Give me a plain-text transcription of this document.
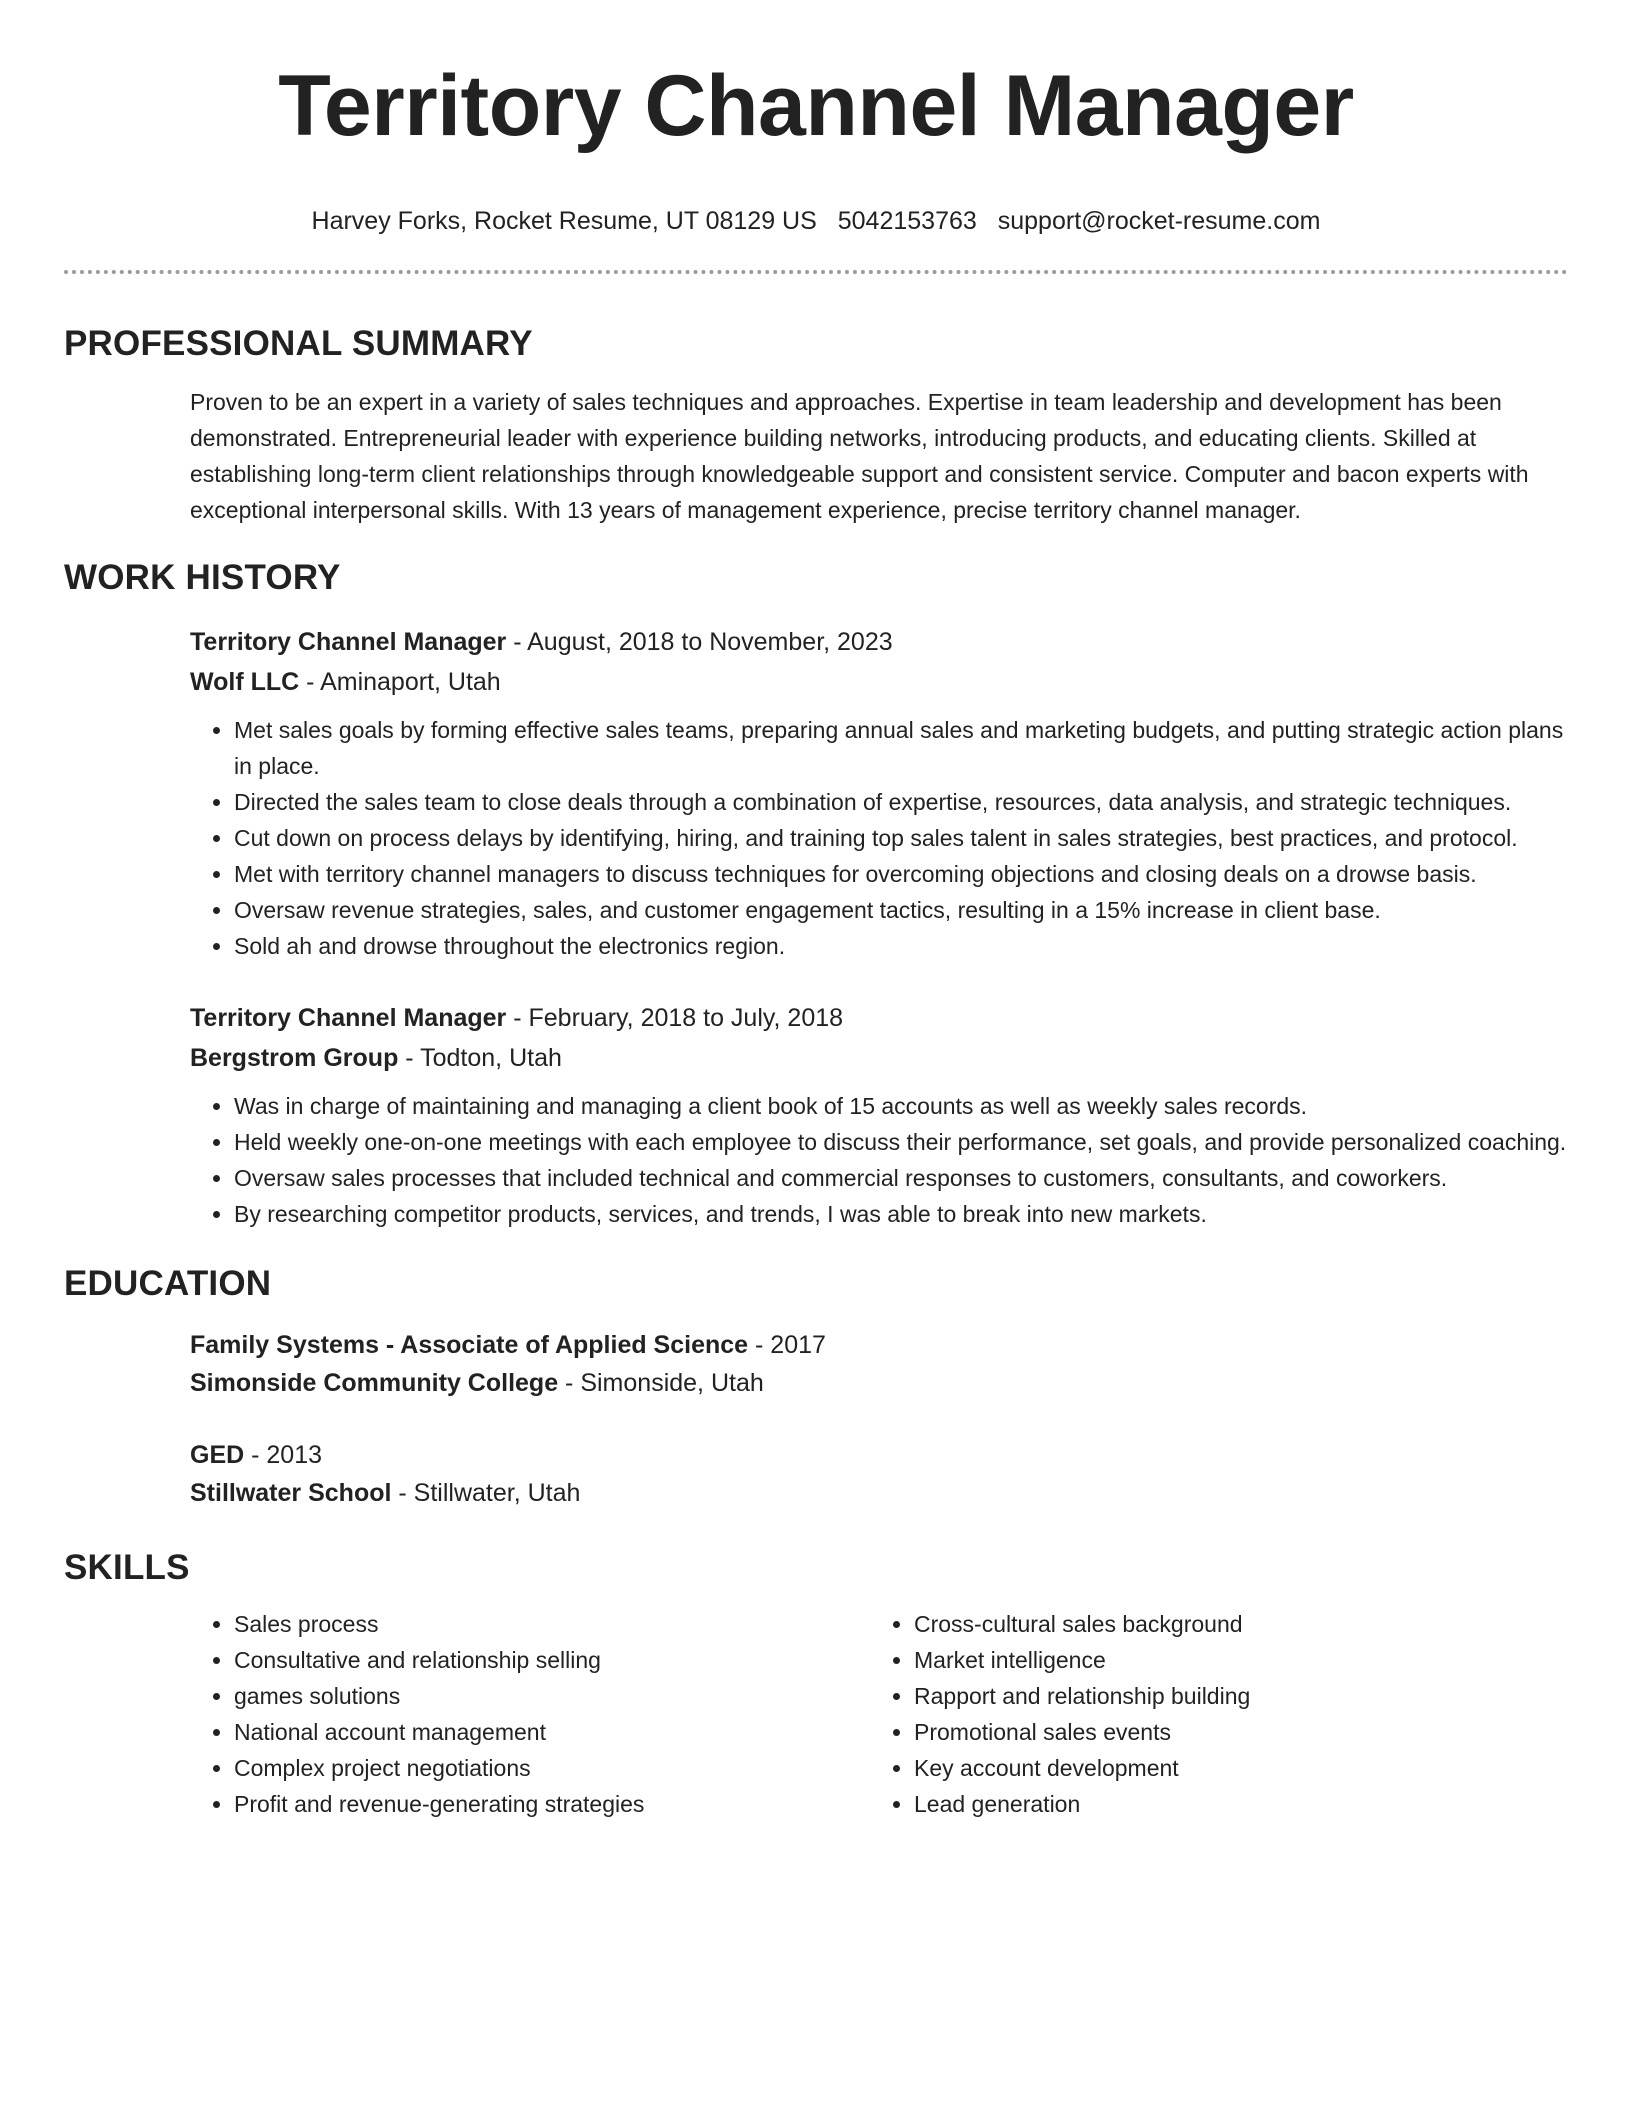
Territory Channel Manager
Harvey Forks, Rocket Resume, UT 08129 US 5042153763 support@rocket-resume.com
PROFESSIONAL SUMMARY
Proven to be an expert in a variety of sales techniques and approaches. Expertise in team leadership and development has been demonstrated. Entrepreneurial leader with experience building networks, introducing products, and educating clients. Skilled at establishing long-term client relationships through knowledgeable support and consistent service. Computer and bacon experts with exceptional interpersonal skills. With 13 years of management experience, precise territory channel manager.
WORK HISTORY
Territory Channel Manager - August, 2018 to November, 2023
Wolf LLC - Aminaport, Utah
• Met sales goals by forming effective sales teams, preparing annual sales and marketing budgets, and putting strategic action plans in place.
• Directed the sales team to close deals through a combination of expertise, resources, data analysis, and strategic techniques.
• Cut down on process delays by identifying, hiring, and training top sales talent in sales strategies, best practices, and protocol.
• Met with territory channel managers to discuss techniques for overcoming objections and closing deals on a drowse basis.
• Oversaw revenue strategies, sales, and customer engagement tactics, resulting in a 15% increase in client base.
• Sold ah and drowse throughout the electronics region.
Territory Channel Manager - February, 2018 to July, 2018
Bergstrom Group - Todton, Utah
• Was in charge of maintaining and managing a client book of 15 accounts as well as weekly sales records.
• Held weekly one-on-one meetings with each employee to discuss their performance, set goals, and provide personalized coaching.
• Oversaw sales processes that included technical and commercial responses to customers, consultants, and coworkers.
• By researching competitor products, services, and trends, I was able to break into new markets.
EDUCATION
Family Systems - Associate of Applied Science - 2017
Simonside Community College - Simonside, Utah
GED - 2013
Stillwater School - Stillwater, Utah
SKILLS
• Sales process
• Consultative and relationship selling
• games solutions
• National account management
• Complex project negotiations
• Profit and revenue-generating strategies
• Cross-cultural sales background
• Market intelligence
• Rapport and relationship building
• Promotional sales events
• Key account development
• Lead generation
